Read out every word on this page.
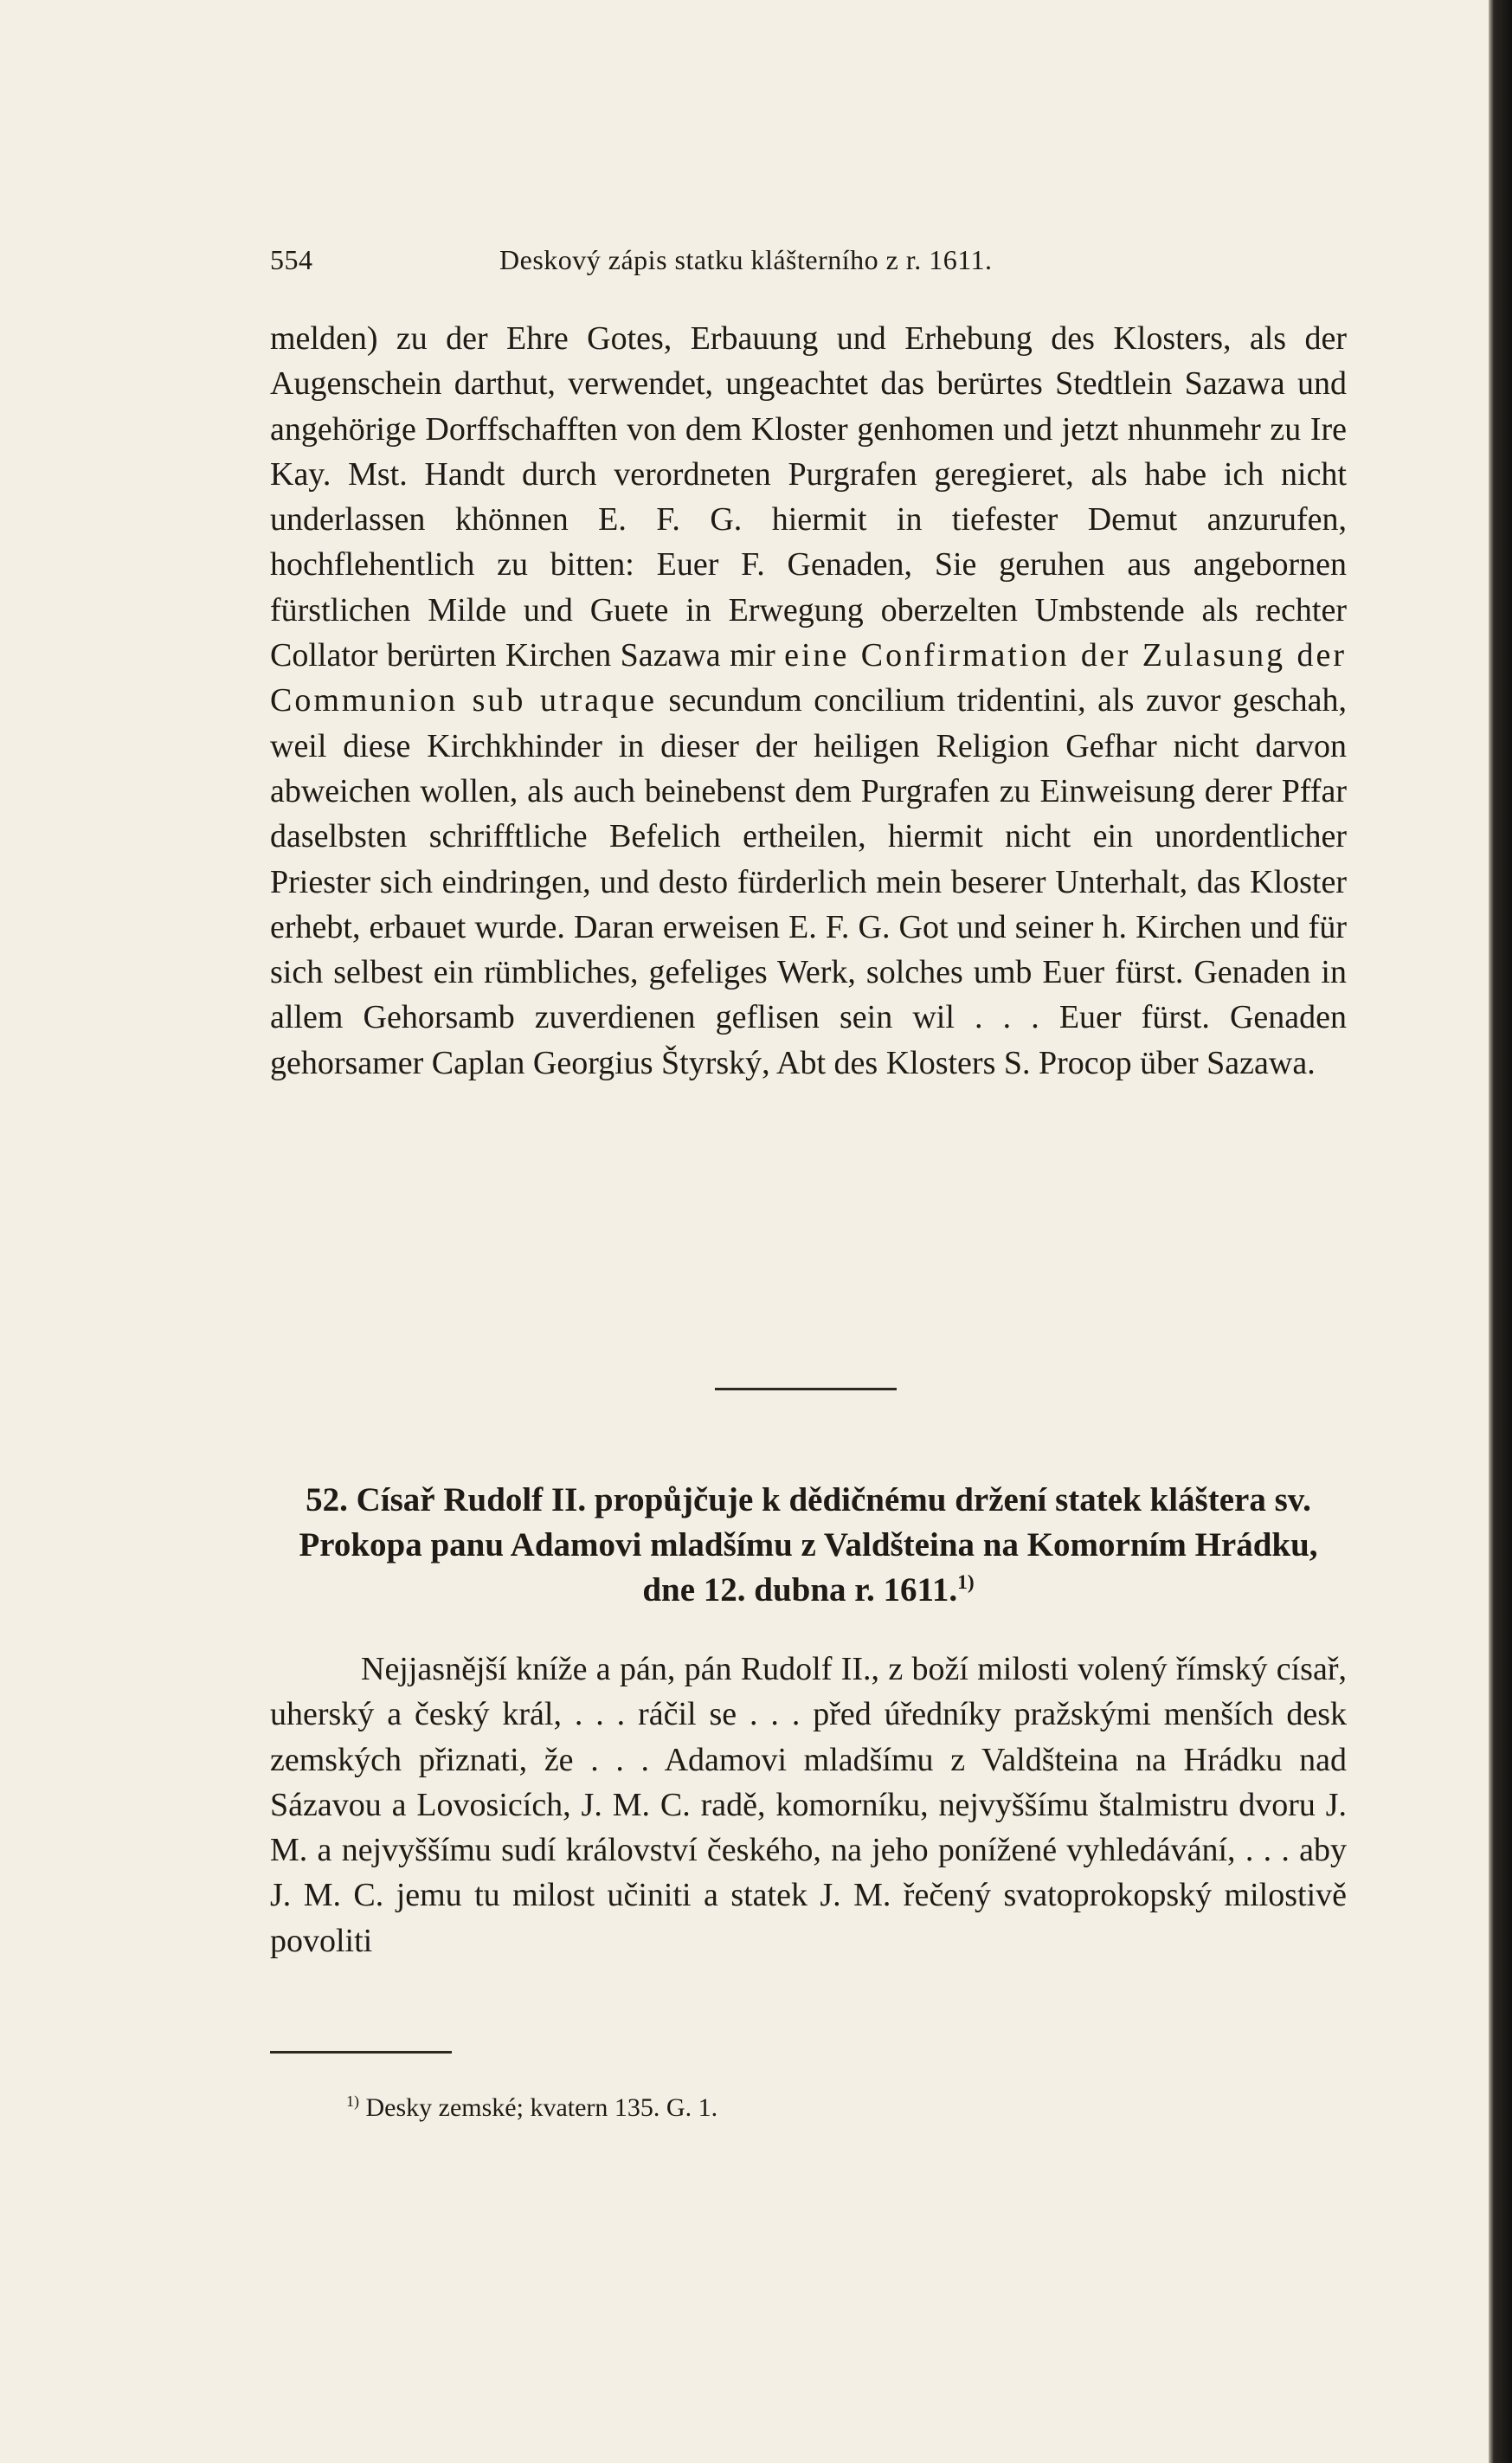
554	Deskový zápis statku klášterního z r. 1611.

melden) zu der Ehre Gotes, Erbauung und Erhebung des Klosters, als der Augenschein darthut, verwendet, ungeachtet das berürtes Stedtlein Sazawa und angehörige Dorffschafften von dem Kloster genhomen und jetzt nhunmehr zu Ire Kay. Mst. Handt durch verordneten Purgrafen geregieret, als habe ich nicht underlassen khönnen E. F. G. hiermit in tiefester Demut anzurufen, hochflehentlich zu bitten: Euer F. Genaden, Sie geruhen aus angebornen fürstlichen Milde und Guete in Erwegung oberzelten Umbstende als rechter Collator berürten Kirchen Sazawa mir eine Confirmation der Zulasung der Communion sub utraque secundum concilium tridentini, als zuvor geschah, weil diese Kirchkhinder in dieser der heiligen Religion Gefhar nicht darvon abweichen wollen, als auch beinebenst dem Purgrafen zu Einweisung derer Pffar daselbsten schrifftliche Befelich ertheilen, hiermit nicht ein unordentlicher Priester sich eindringen, und desto fürderlich mein beserer Unterhalt, das Kloster erhebt, erbauet wurde. Daran erweisen E. F. G. Got und seiner h. Kirchen und für sich selbest ein rümbliches, gefeliges Werk, solches umb Euer fürst. Genaden in allem Gehorsamb zuverdienen geflisen sein wil . . . Euer fürst. Genaden gehorsamer Caplan Georgius Štyrský, Abt des Klosters S. Procop über Sazawa.

52. Císař Rudolf II. propůjčuje k dědičnému držení statek kláštera sv. Prokopa panu Adamovi mladšímu z Valdšteina na Komorním Hrádku, dne 12. dubna r. 1611.$^{1)}$

Nejjasnější kníže a pán, pán Rudolf II., z boží milosti volený římský císař, uherský a český král, . . . ráčil se . . . před úředníky pražskými menších desk zemských přiznati, že . . . Adamovi mladšímu z Valdšteina na Hrádku nad Sázavou a Lovosicích, J. M. C. radě, komorníku, nejvyššímu štalmistru dvoru J. M. a nejvyššímu sudí království českého, na jeho ponížené vyhledávání, . . . aby J. M. C. jemu tu milost učiniti a statek J. M. řečený svatoprokopský milostivě povoliti

$^{1)}$ Desky zemské; kvatern 135. G. 1.
